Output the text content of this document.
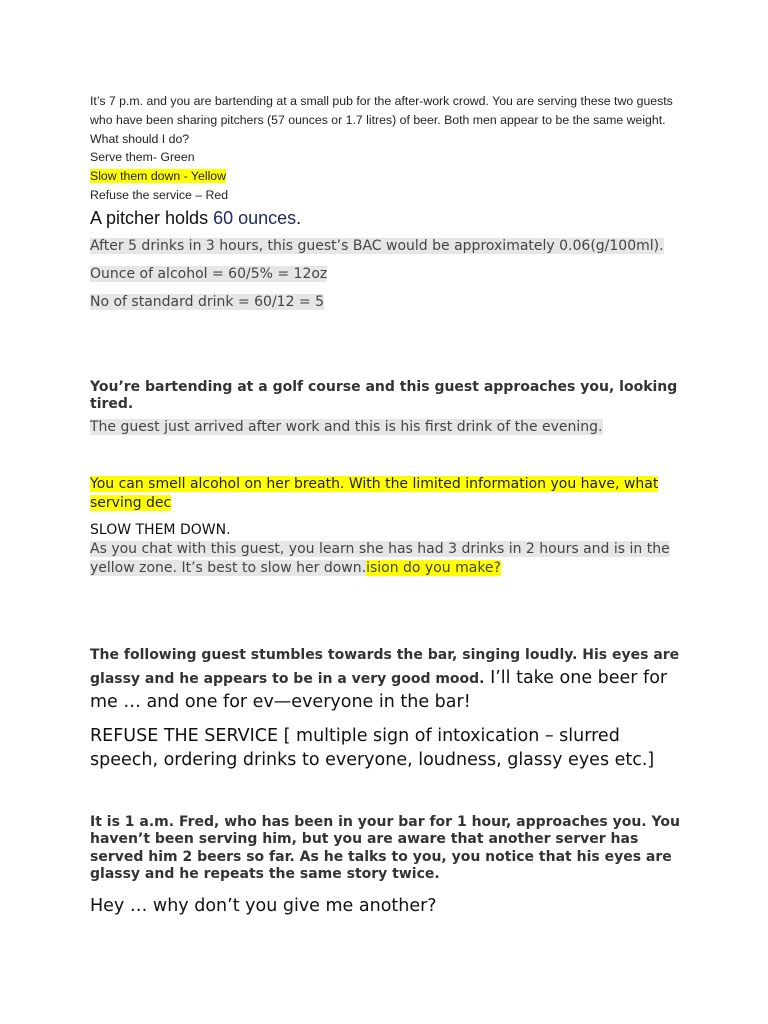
It’s 7 p.m. and you are bartending at a small pub for the after-work crowd. You are serving these two guests who have been sharing pitchers (57 ounces or 1.7 litres) of beer. Both men appear to be the same weight. What should I do?

Serve them- Green

Slow them down - Yellow

Refuse the service – Red

A pitcher holds 60 ounces.

After 5 drinks in 3 hours, this guest’s BAC would be approximately 0.06(g/100ml).

Ounce of alcohol = 60/5% = 12oz

No of standard drink = 60/12 = 5

You’re bartending at a golf course and this guest approaches you, looking tired.

The guest just arrived after work and this is his first drink of the evening.

You can smell alcohol on her breath. With the limited information you have, what serving dec

SLOW THEM DOWN.

As you chat with this guest, you learn she has had 3 drinks in 2 hours and is in the yellow zone. It’s best to slow her down.ision do you make?

The following guest stumbles towards the bar, singing loudly. His eyes are glassy and he appears to be in a very good mood. I’ll take one beer for me … and one for ev—everyone in the bar!

REFUSE THE SERVICE [ multiple sign of intoxication – slurred speech, ordering drinks to everyone, loudness, glassy eyes etc.]

It is 1 a.m. Fred, who has been in your bar for 1 hour, approaches you. You haven’t been serving him, but you are aware that another server has served him 2 beers so far. As he talks to you, you notice that his eyes are glassy and he repeats the same story twice.

Hey … why don’t you give me another?
